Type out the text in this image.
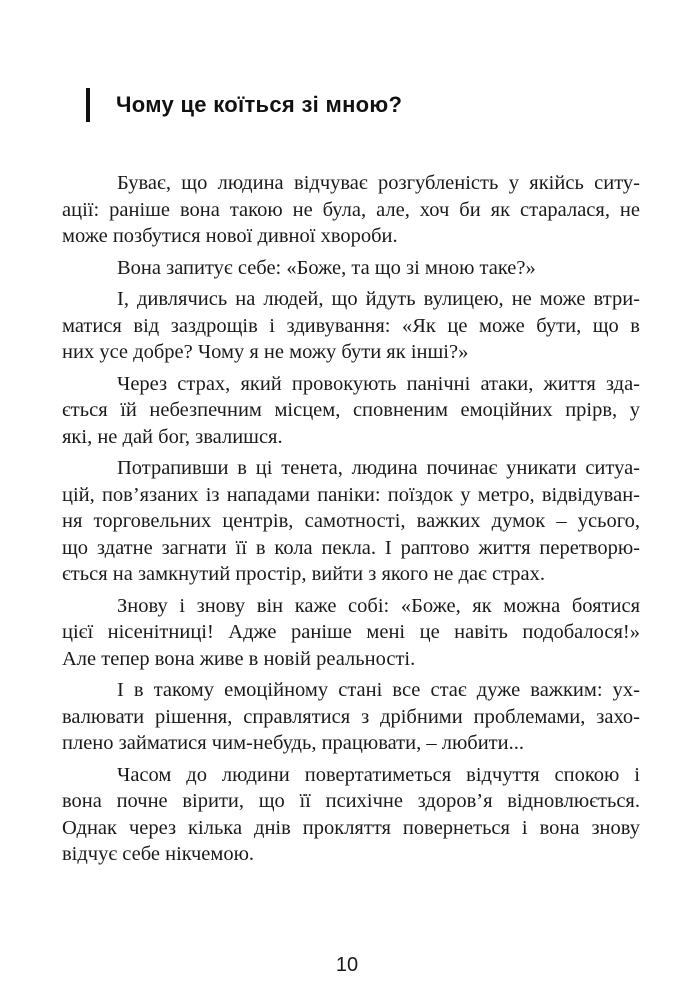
Чому це коїться зі мною?
Буває, що людина відчуває розгубленість у якійсь ситу-
ації: раніше вона такою не була, але, хоч би як старалася, не
може позбутися нової дивної хвороби.
Вона запитує себе: «Боже, та що зі мною таке?»
І, дивлячись на людей, що йдуть вулицею, не може втри-
матися від заздрощів і здивування: «Як це може бути, що в
них усе добре? Чому я не можу бути як інші?»
Через страх, який провокують панічні атаки, життя зда-
ється їй небезпечним місцем, сповненим емоційних прірв, у
які, не дай бог, звалишся.
Потрапивши в ці тенета, людина починає уникати ситуа-
цій, пов’язаних із нападами паніки: поїздок у метро, відвідуван-
ня торговельних центрів, самотності, важких думок – усього,
що здатне загнати її в кола пекла. І раптово життя перетворю-
ється на замкнутий простір, вийти з якого не дає страх.
Знову і знову він каже собі: «Боже, як можна боятися
цієї нісенітниці! Адже раніше мені це навіть подобалося!»
Але тепер вона живе в новій реальності.
І в такому емоційному стані все стає дуже важким: ух-
валювати рішення, справлятися з дрібними проблемами, захо-
плено займатися чим-небудь, працювати, – любити...
Часом до людини повертатиметься відчуття спокою і
вона почне вірити, що її психічне здоров’я відновлюється.
Однак через кілька днів прокляття повернеться і вона знову
відчує себе нікчемою.
10
